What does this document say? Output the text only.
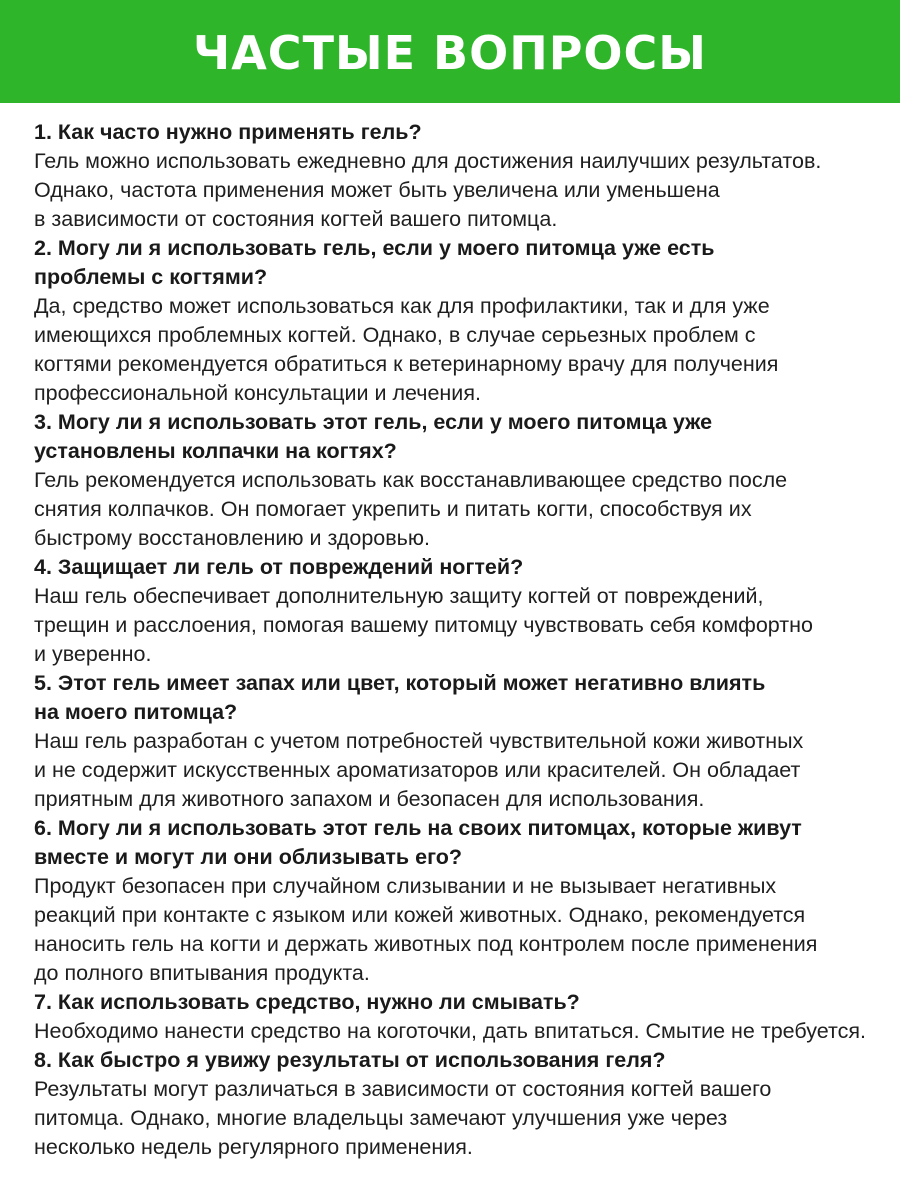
ЧАСТЫЕ ВОПРОСЫ
1. Как часто нужно применять гель?
Гель можно использовать ежедневно для достижения наилучших результатов.
Однако, частота применения может быть увеличена или уменьшена
в зависимости от состояния когтей вашего питомца.
2. Могу ли я использовать гель, если у моего питомца уже есть
проблемы с когтями?
Да, средство может использоваться как для профилактики, так и для уже
имеющихся проблемных когтей. Однако, в случае серьезных проблем с
когтями рекомендуется обратиться к ветеринарному врачу для получения
профессиональной консультации и лечения.
3. Могу ли я использовать этот гель, если у моего питомца уже
установлены колпачки на когтях?
Гель рекомендуется использовать как восстанавливающее средство после
снятия колпачков. Он помогает укрепить и питать когти, способствуя их
быстрому восстановлению и здоровью.
4. Защищает ли гель от повреждений ногтей?
Наш гель обеспечивает дополнительную защиту когтей от повреждений,
трещин и расслоения, помогая вашему питомцу чувствовать себя комфортно
и уверенно.
5. Этот гель имеет запах или цвет, который может негативно влиять
на моего питомца?
Наш гель разработан с учетом потребностей чувствительной кожи животных
и не содержит искусственных ароматизаторов или красителей. Он обладает
приятным для животного запахом и безопасен для использования.
6. Могу ли я использовать этот гель на своих питомцах, которые живут
вместе и могут ли они облизывать его?
Продукт безопасен при случайном слизывании и не вызывает негативных
реакций при контакте с языком или кожей животных. Однако, рекомендуется
наносить гель на когти и держать животных под контролем после применения
до полного впитывания продукта.
7. Как использовать средство, нужно ли смывать?
Необходимо нанести средство на коготочки, дать впитаться. Смытие не требуется.
8. Как быстро я увижу результаты от использования геля?
Результаты могут различаться в зависимости от состояния когтей вашего
питомца. Однако, многие владельцы замечают улучшения уже через
несколько недель регулярного применения.
